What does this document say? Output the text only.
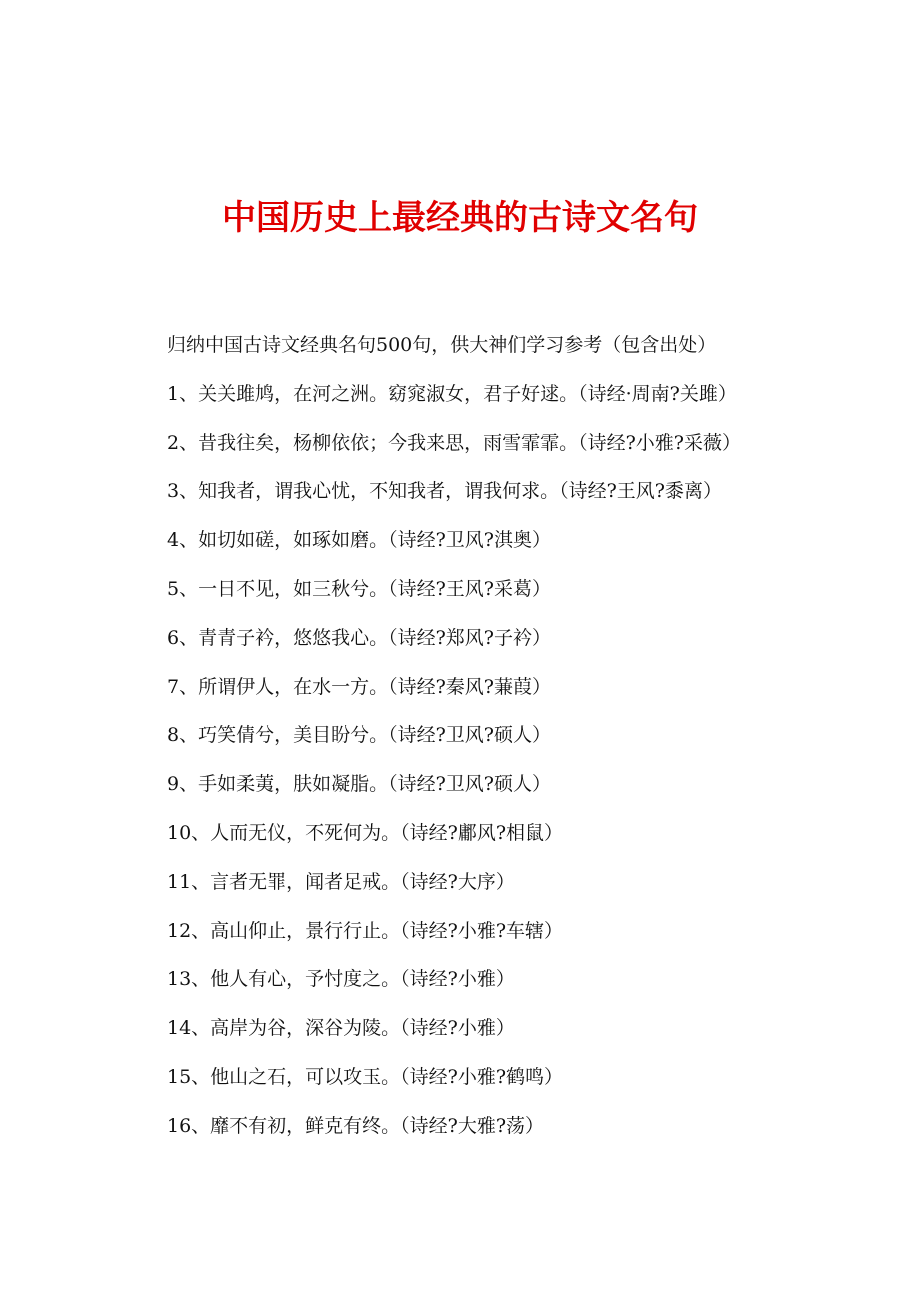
中国历史上最经典的古诗文名句
归纳中国古诗文经典名句500句，供大神们学习参考（包含出处）
1、关关雎鸠，在河之洲。窈窕淑女，君子好逑。（诗经·周南?关雎）
2、昔我往矣，杨柳依依；今我来思，雨雪霏霏。（诗经?小雅?采薇）
3、知我者，谓我心忧，不知我者，谓我何求。（诗经?王风?黍离）
4、如切如磋，如琢如磨。（诗经?卫风?淇奥）
5、一日不见，如三秋兮。（诗经?王风?采葛）
6、青青子衿，悠悠我心。（诗经?郑风?子衿）
7、所谓伊人，在水一方。（诗经?秦风?蒹葭）
8、巧笑倩兮，美目盼兮。（诗经?卫风?硕人）
9、手如柔荑，肤如凝脂。（诗经?卫风?硕人）
10、人而无仪，不死何为。（诗经?鄘风?相鼠）
11、言者无罪，闻者足戒。（诗经?大序）
12、高山仰止，景行行止。（诗经?小雅?车辖）
13、他人有心，予忖度之。（诗经?小雅）
14、高岸为谷，深谷为陵。（诗经?小雅）
15、他山之石，可以攻玉。（诗经?小雅?鹤鸣）
16、靡不有初，鲜克有终。（诗经?大雅?荡）
